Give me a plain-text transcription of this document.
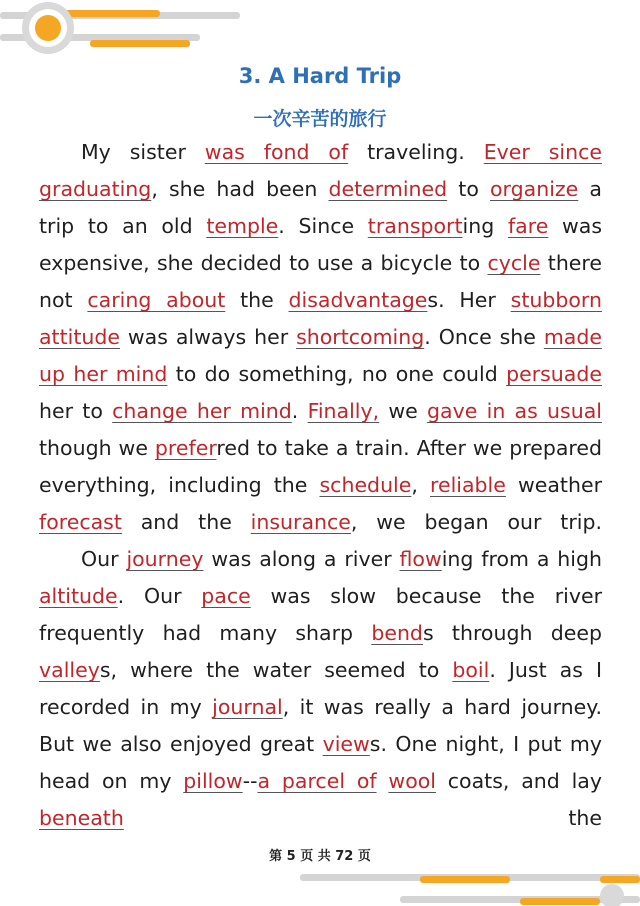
3. A Hard Trip
一次辛苦的旅行

My sister was fond of traveling. Ever since graduating, she had been determined to organize a trip to an old temple. Since transporting fare was expensive, she decided to use a bicycle to cycle there not caring about the disadvantages. Her stubborn attitude was always her shortcoming. Once she made up her mind to do something, no one could persuade her to change her mind. Finally, we gave in as usual though we preferred to take a train. After we prepared everything, including the schedule, reliable weather forecast and the insurance, we began our trip.

Our journey was along a river flowing from a high altitude. Our pace was slow because the river frequently had many sharp bends through deep valleys, where the water seemed to boil. Just as I recorded in my journal, it was really a hard journey. But we also enjoyed great views. One night, I put my head on my pillow--a parcel of wool coats, and lay beneath the

第 5 页 共 72 页
